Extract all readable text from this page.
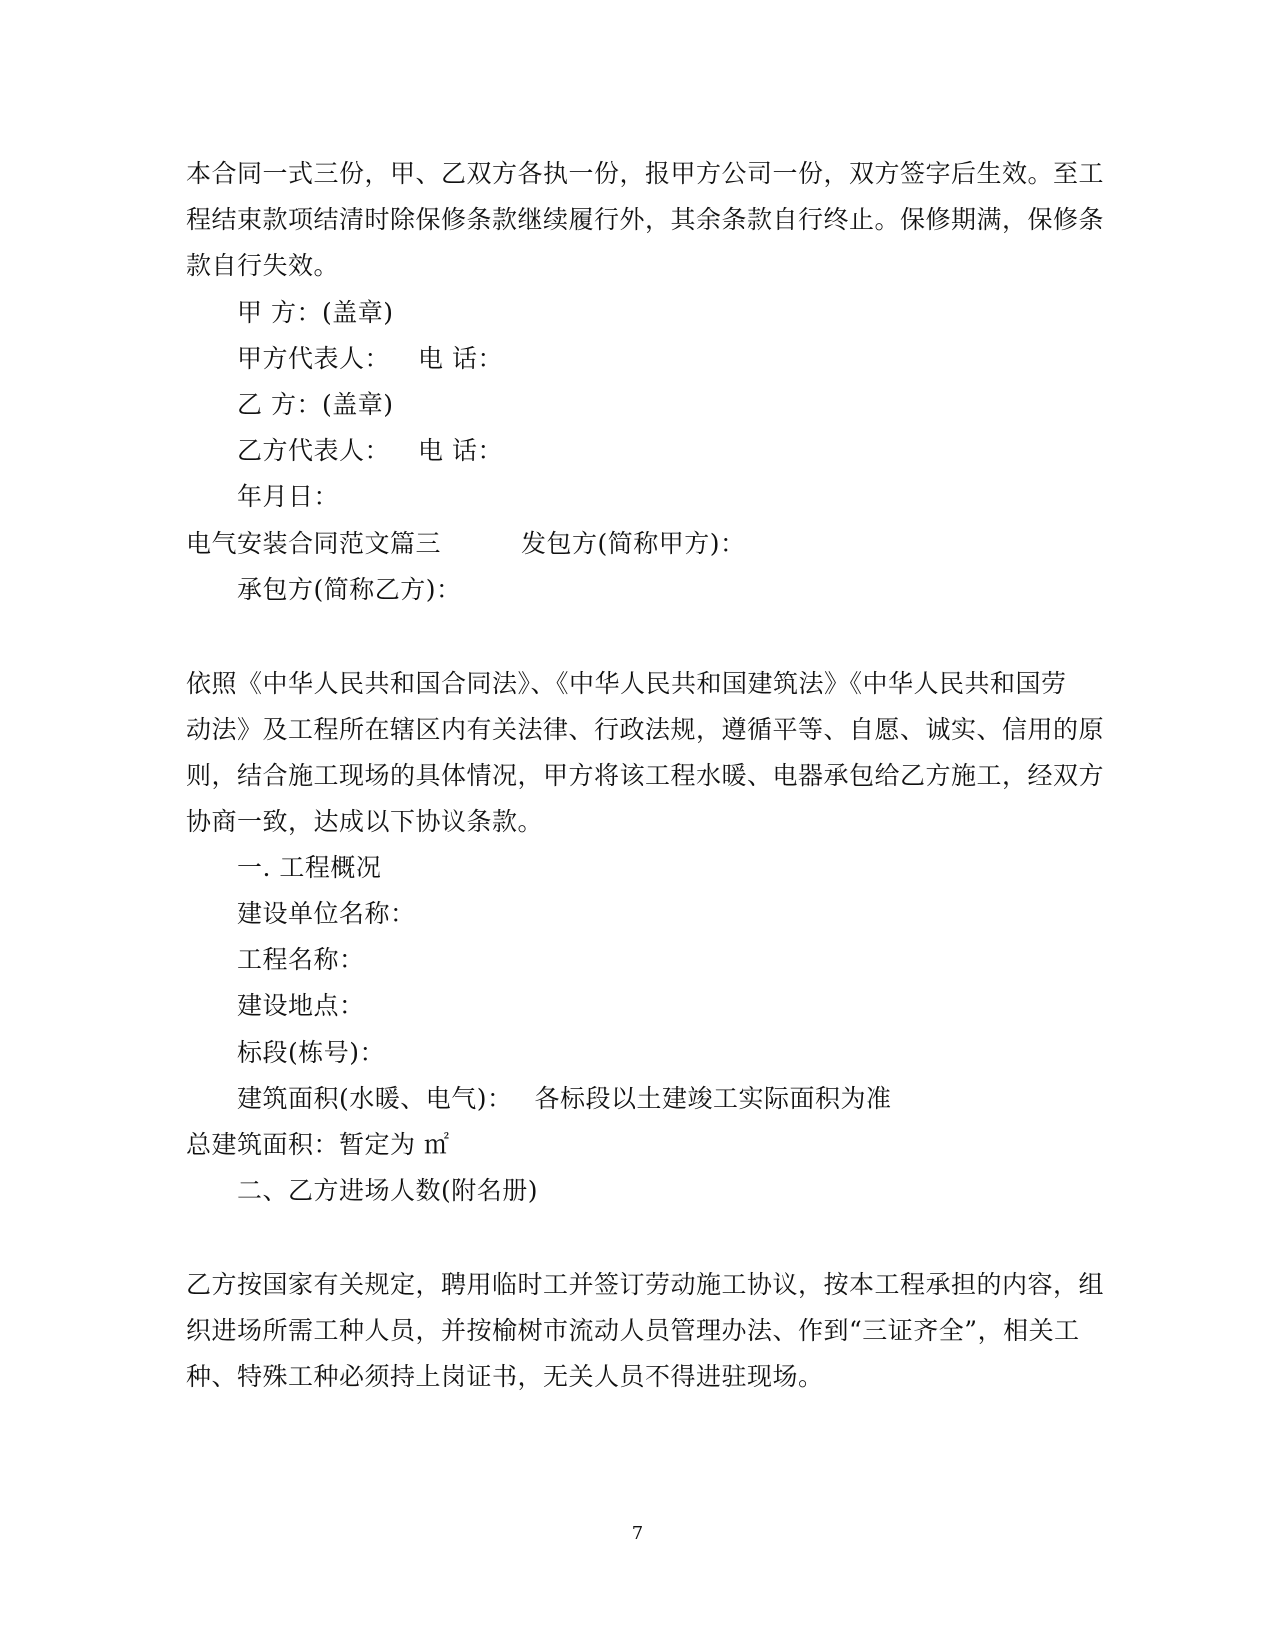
本合同一式三份，甲、乙双方各执一份，报甲方公司一份，双方签字后生效。至工
程结束款项结清时除保修条款继续履行外，其余条款自行终止。保修期满，保修条
款自行失效。
甲 方：(盖章)
甲方代表人： 电 话：
乙 方：(盖章)
乙方代表人： 电 话：
年月日：
电气安装合同范文篇三	发包方(简称甲方)：
承包方(简称乙方)：
依照《中华人民共和国合同法》、《中华人民共和国建筑法》《中华人民共和国劳
动法》及工程所在辖区内有关法律、行政法规，遵循平等、自愿、诚实、信用的原
则，结合施工现场的具体情况，甲方将该工程水暖、电器承包给乙方施工，经双方
协商一致，达成以下协议条款。
一. 工程概况
建设单位名称：
工程名称：
建设地点：
标段(栋号)：
建筑面积(水暖、电气)： 各标段以土建竣工实际面积为准
总建筑面积：暂定为 ㎡
二、乙方进场人数(附名册)
乙方按国家有关规定，聘用临时工并签订劳动施工协议，按本工程承担的内容，组
织进场所需工种人员，并按榆树市流动人员管理办法、作到“三证齐全”，相关工
种、特殊工种必须持上岗证书，无关人员不得进驻现场。
7
